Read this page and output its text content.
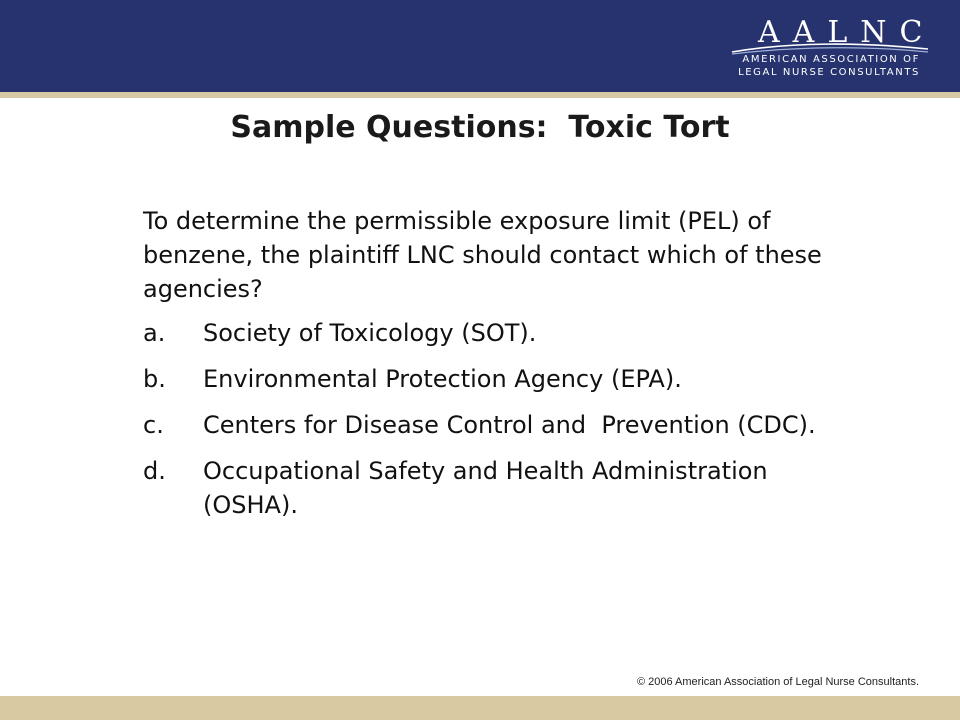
AALNC
AMERICAN ASSOCIATION OF
LEGAL NURSE CONSULTANTS
Sample Questions:  Toxic Tort
To determine the permissible exposure limit (PEL) of benzene, the plaintiff LNC should contact which of these agencies?
a.	Society of Toxicology (SOT).
b.	Environmental Protection Agency (EPA).
c.	Centers for Disease Control and  Prevention (CDC).
d.	Occupational Safety and Health Administration (OSHA).
© 2006 American Association of Legal Nurse Consultants.
